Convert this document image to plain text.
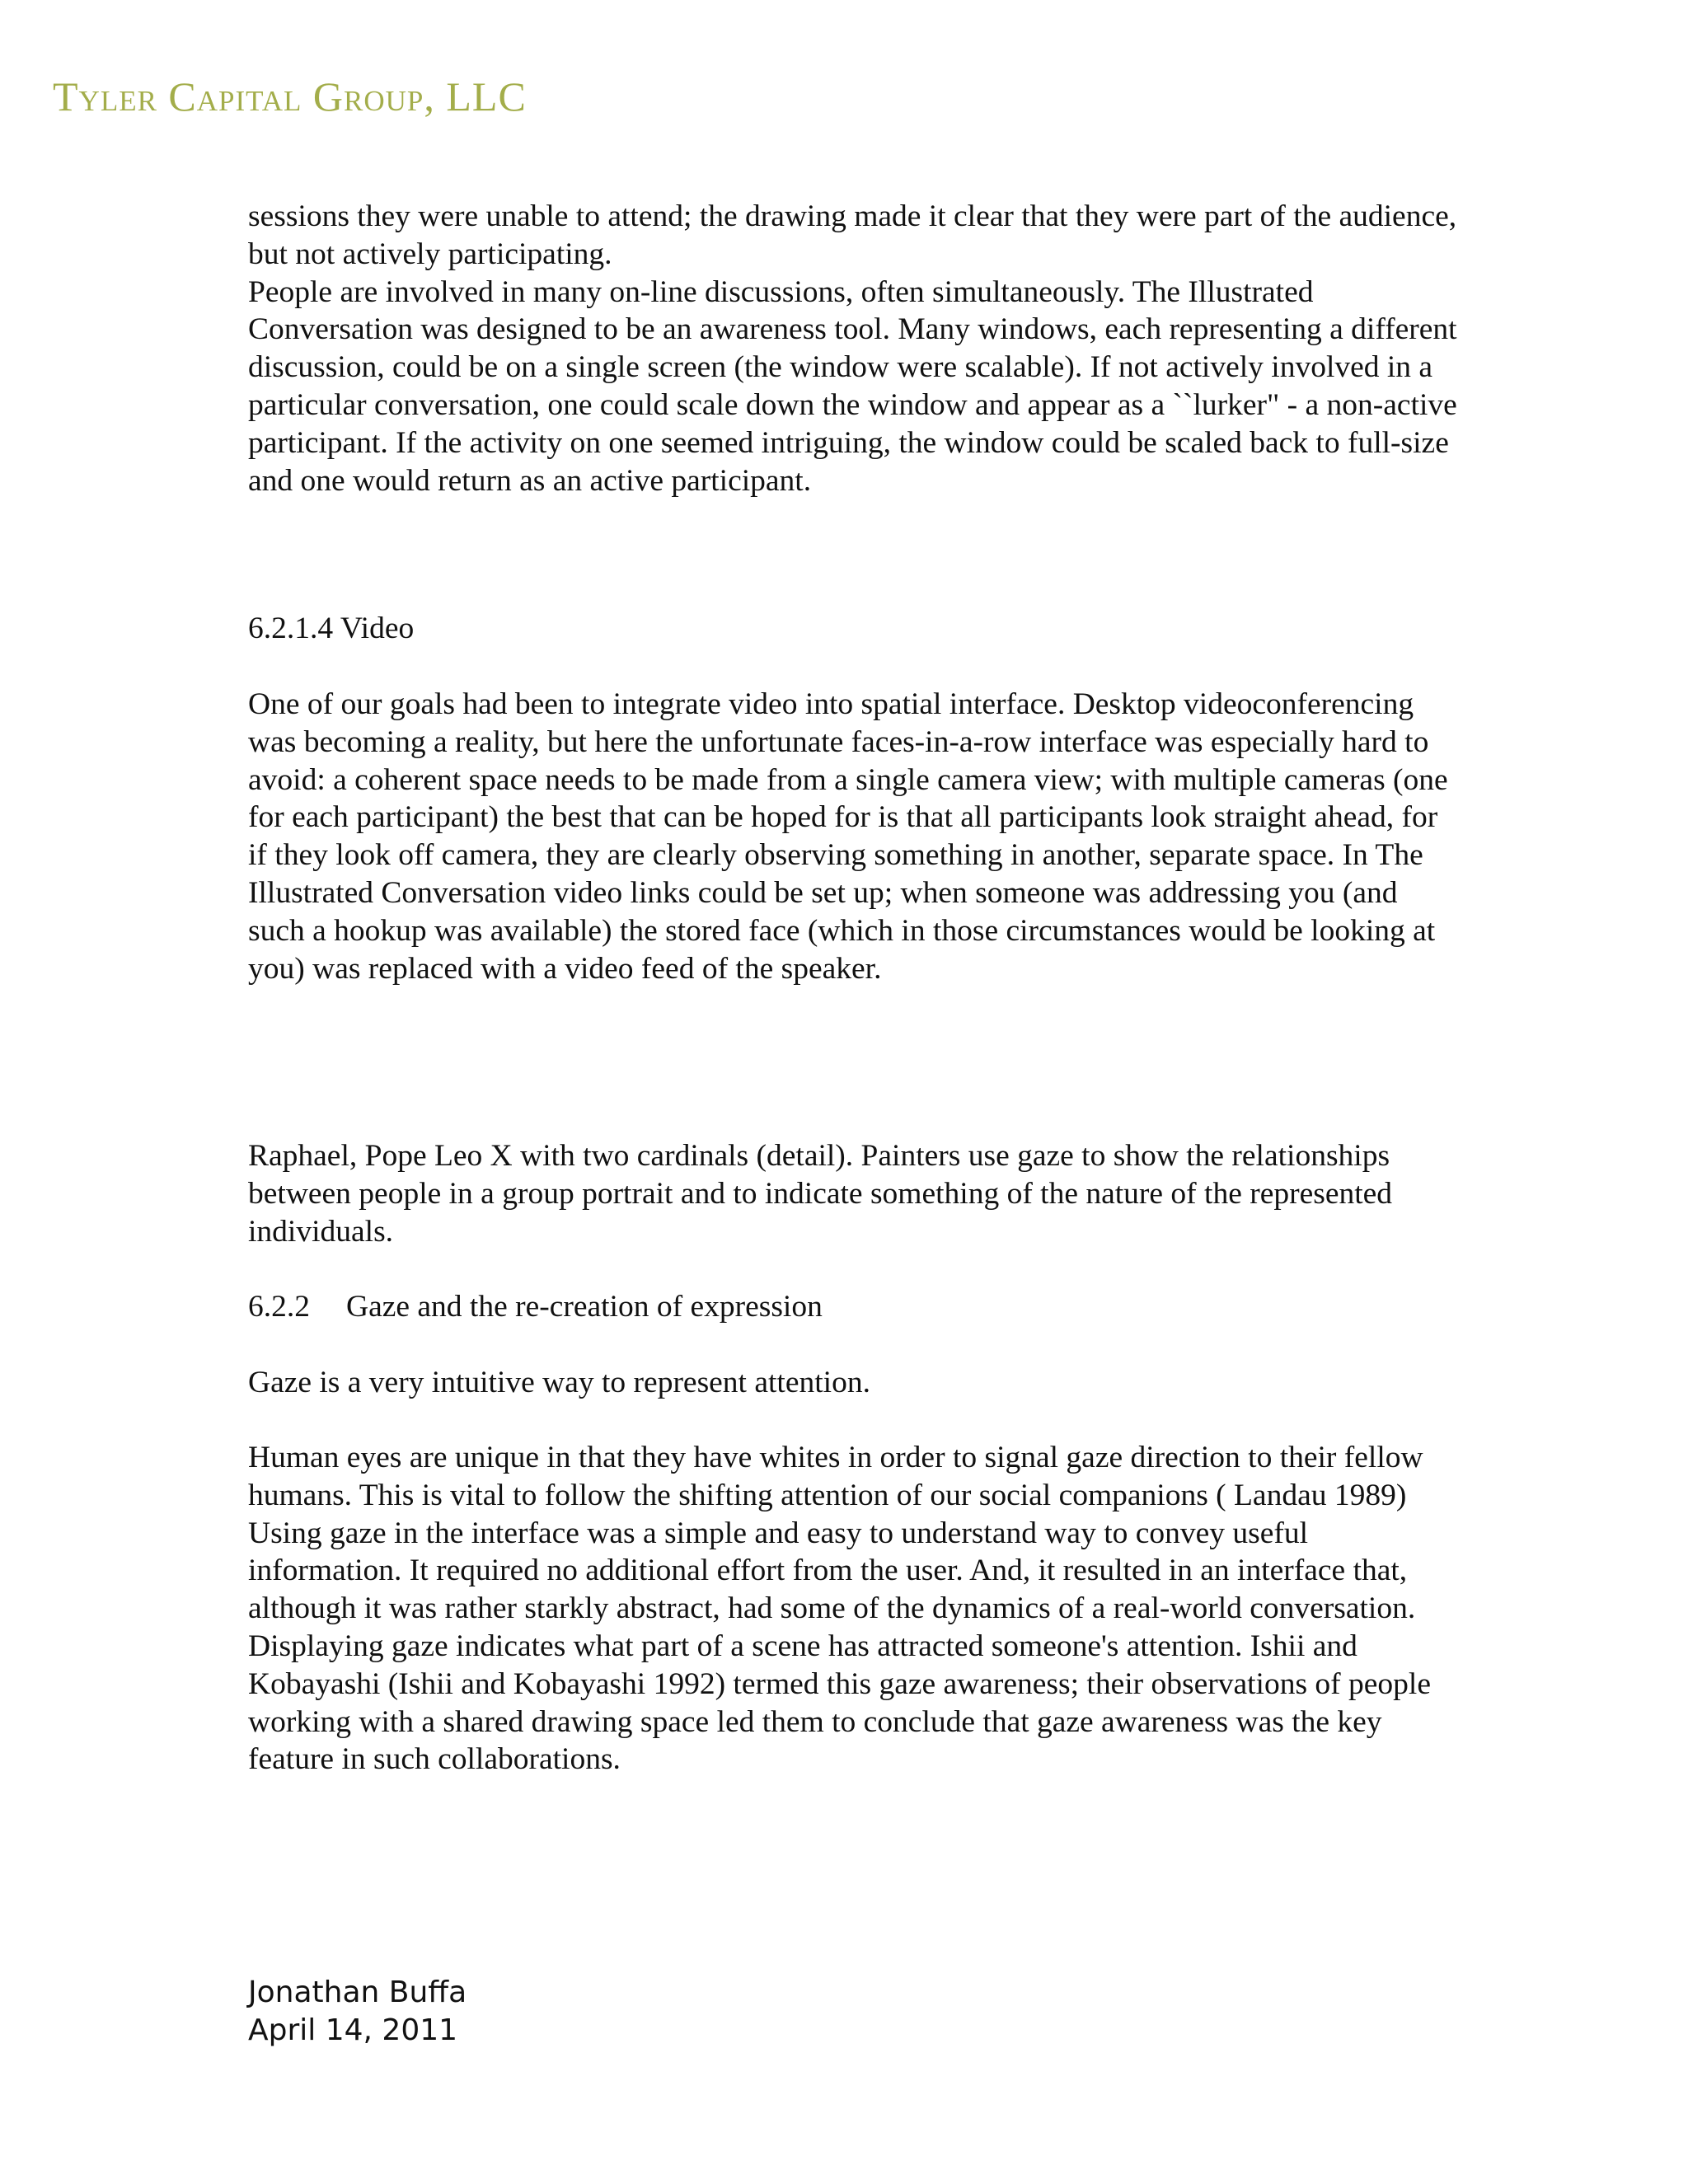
Tyler Capital Group, LLC

sessions they were unable to attend; the drawing made it clear that they were part of the audience, but not actively participating.

People are involved in many on-line discussions, often simultaneously. The Illustrated Conversation was designed to be an awareness tool. Many windows, each representing a different discussion, could be on a single screen (the window were scalable). If not actively involved in a particular conversation, one could scale down the window and appear as a ``lurker" - a non-active participant. If the activity on one seemed intriguing, the window could be scaled back to full-size and one would return as an active participant.

6.2.1.4 Video
One of our goals had been to integrate video into spatial interface. Desktop videoconferencing was becoming a reality, but here the unfortunate faces-in-a-row interface was especially hard to avoid: a coherent space needs to be made from a single camera view; with multiple cameras (one for each participant) the best that can be hoped for is that all participants look straight ahead, for if they look off camera, they are clearly observing something in another, separate space. In The Illustrated Conversation video links could be set up; when someone was addressing you (and such a hookup was available) the stored face (which in those circumstances would be looking at you) was replaced with a video feed of the speaker.
Raphael, Pope Leo X with two cardinals (detail). Painters use gaze to show the relationships between people in a group portrait and to indicate something of the nature of the represented individuals.
6.2.2 Gaze and the re-creation of expression
Gaze is a very intuitive way to represent attention.

Human eyes are unique in that they have whites in order to signal gaze direction to their fellow humans. This is vital to follow the shifting attention of our social companions ( Landau 1989)

Using gaze in the interface was a simple and easy to understand way to convey useful information. It required no additional effort from the user. And, it resulted in an interface that, although it was rather starkly abstract, had some of the dynamics of a real-world conversation.

Displaying gaze indicates what part of a scene has attracted someone's attention. Ishii and Kobayashi (Ishii and Kobayashi 1992) termed this gaze awareness; their observations of people working with a shared drawing space led them to conclude that gaze awareness was the key feature in such collaborations.

Jonathan Buffa
April 14, 2011
